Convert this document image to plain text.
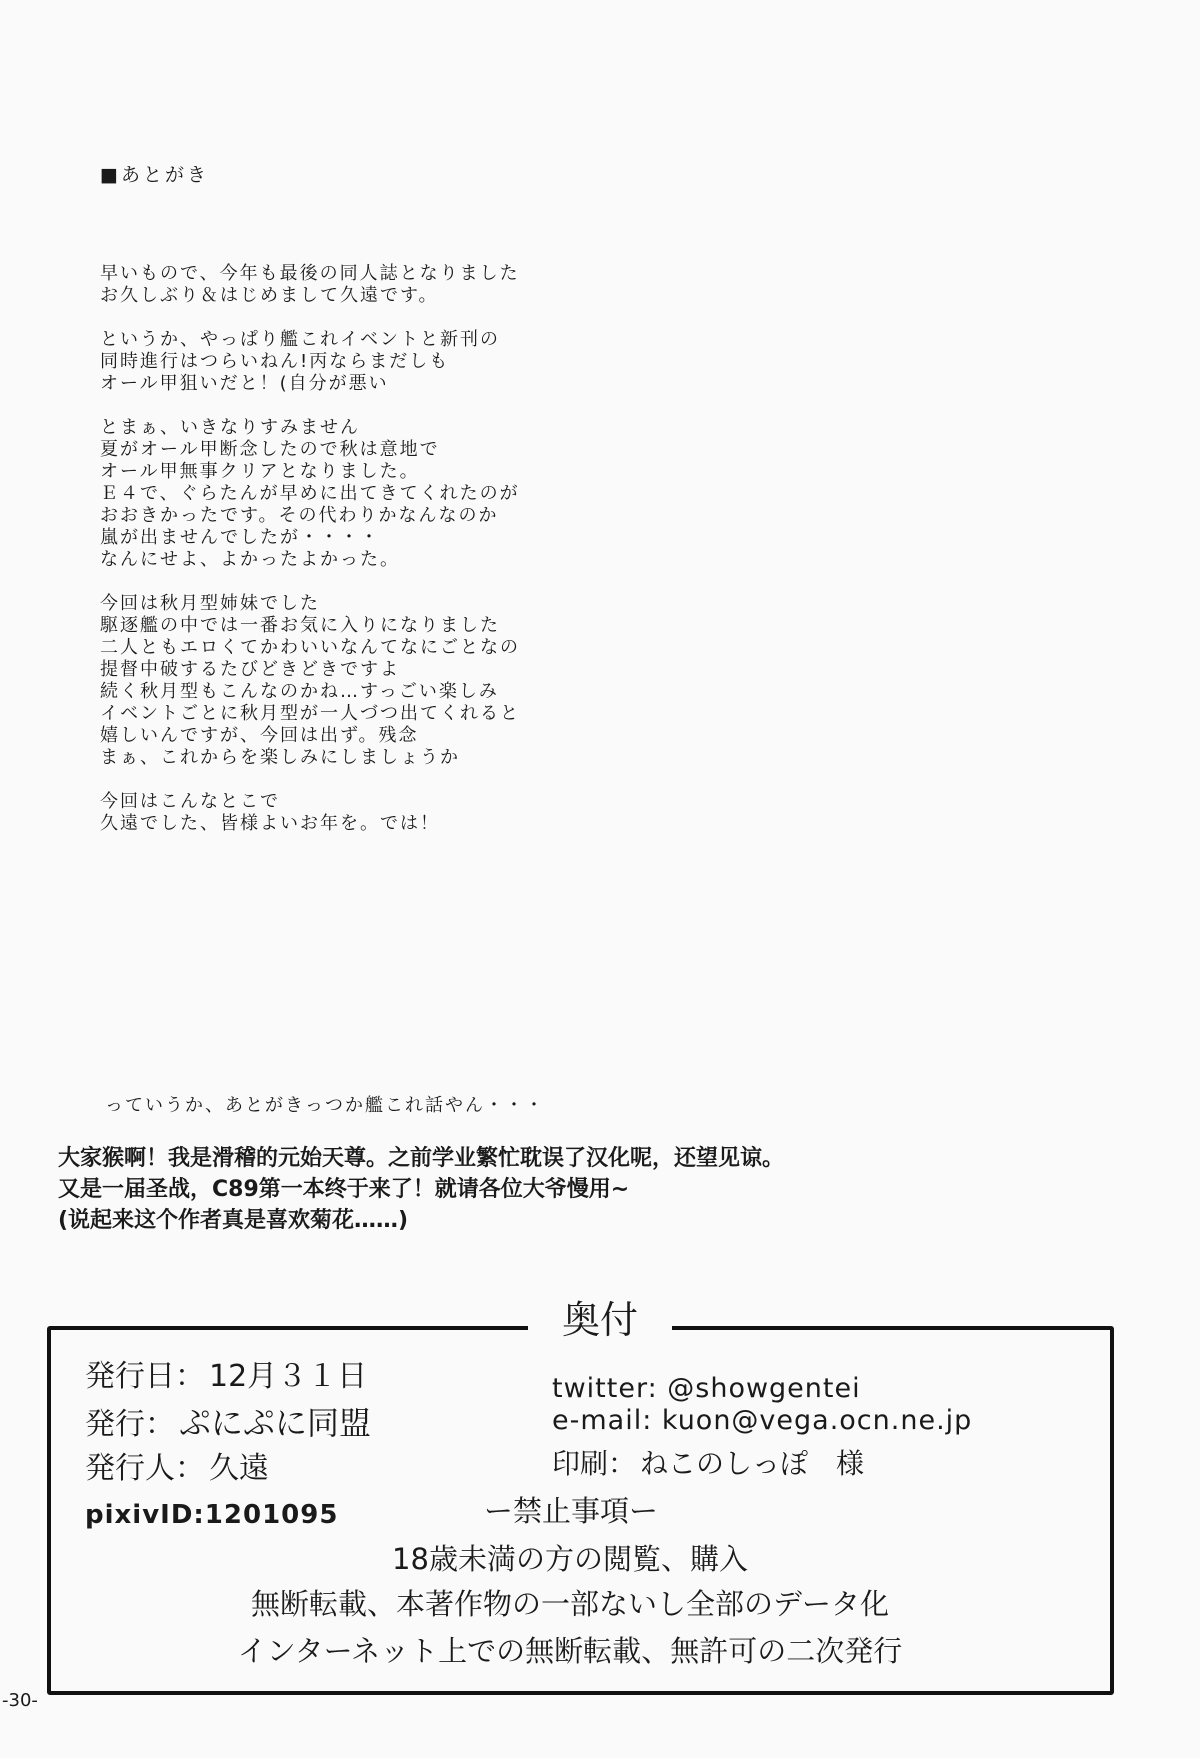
■あとがき
早いもので、今年も最後の同人誌となりました
お久しぶり＆はじめまして久遠です。
というか、やっぱり艦これイベントと新刊の
同時進行はつらいねん!丙ならまだしも
オール甲狙いだと！(自分が悪い
とまぁ、いきなりすみません
夏がオール甲断念したので秋は意地で
オール甲無事クリアとなりました。
Ｅ４で、ぐらたんが早めに出てきてくれたのが
おおきかったです。その代わりかなんなのか
嵐が出ませんでしたが・・・・
なんにせよ、よかったよかった。
今回は秋月型姉妹でした
駆逐艦の中では一番お気に入りになりました
二人ともエロくてかわいいなんてなにごとなの
提督中破するたびどきどきですよ
続く秋月型もこんなのかね…すっごい楽しみ
イベントごとに秋月型が一人づつ出てくれると
嬉しいんですが、今回は出ず。残念
まぁ、これからを楽しみにしましょうか
今回はこんなとこで
久遠でした、皆様よいお年を。では！
っていうか、あとがきっつか艦これ話やん・・・
大家猴啊！我是滑稽的元始天尊。之前学业繁忙耽误了汉化呢，还望见谅。
又是一届圣战，C89第一本终于来了！就请各位大爷慢用~
(说起来这个作者真是喜欢菊花……)
奥付
発行日： 12月３１日
発行： ぷにぷに同盟
発行人： 久遠
pixivID:1201095
twitter: @showgentei
e-mail: kuon@vega.ocn.ne.jp
印刷： ねこのしっぽ　様
ー禁止事項ー
18歳未満の方の閲覧、購入
無断転載、本著作物の一部ないし全部のデータ化
インターネット上での無断転載、無許可の二次発行
-30-
